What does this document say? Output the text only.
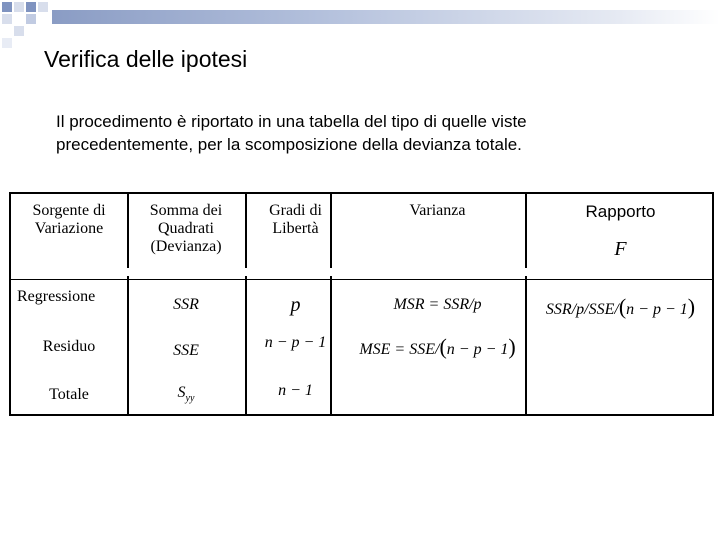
Verifica delle ipotesi
Il procedimento è riportato in una tabella del tipo di quelle viste precedentemente, per la scomposizione della devianza totale.
Sorgente di Variazione	Somma dei Quadrati (Devianza)	Gradi di Libertà	Varianza	Rapporto
F

Regressione	SSR	p	MSR = SSR/p	SSR/p/SSE/(n − p − 1)
Residuo	SSE	n − p − 1	MSE = SSE/(n − p − 1)	
Totale	$S_{yy}$	n − 1		
